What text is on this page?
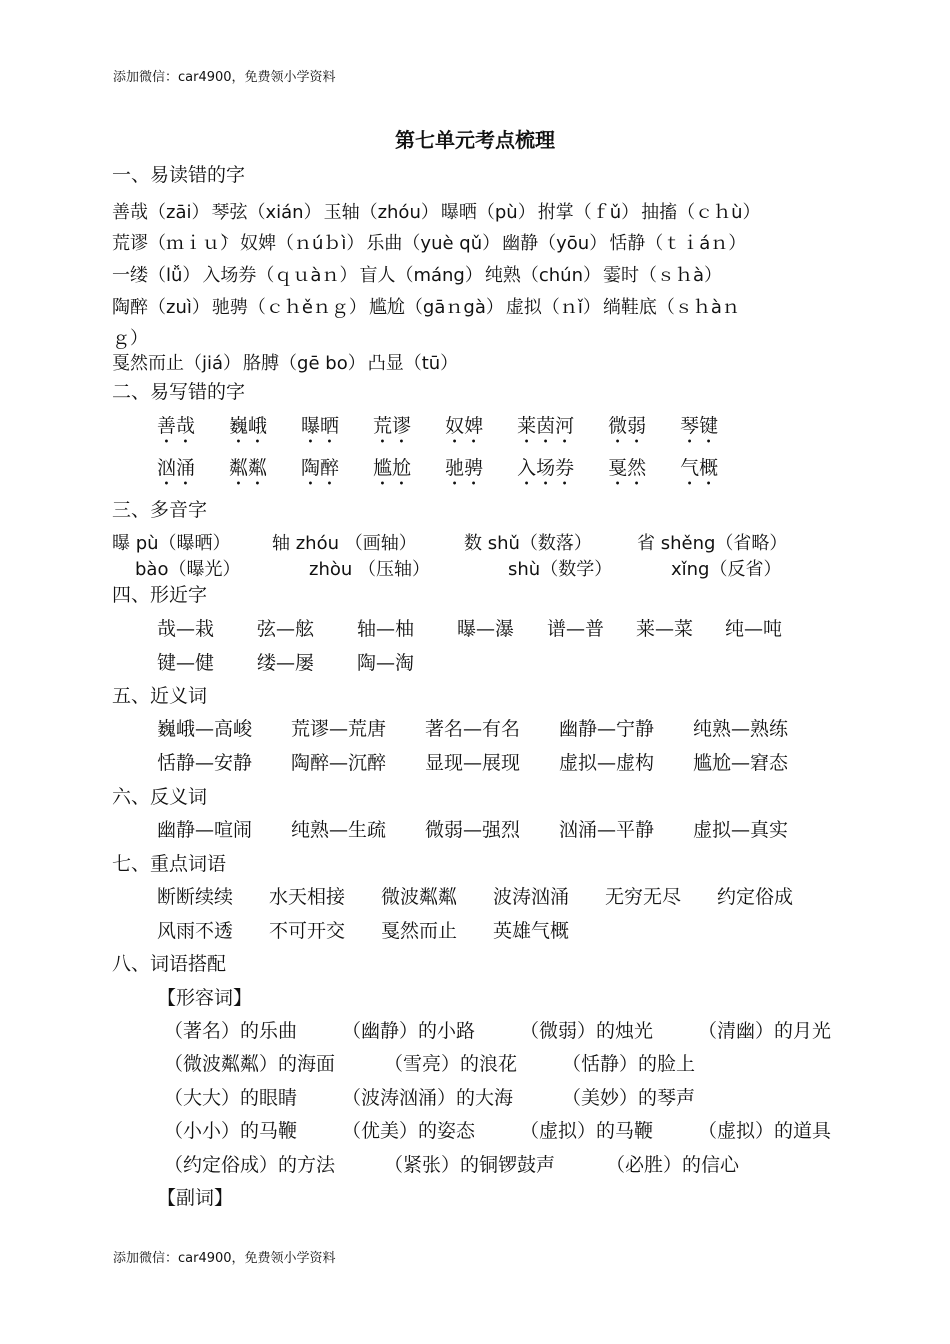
添加微信：car4900，免费领小学资料
第七单元考点梳理
一、易读错的字
善哉（zāi） 琴弦（xián） 玉轴（zhóu） 曝晒（pù） 拊掌（ｆǔ） 抽搐（ｃｈù）
荒谬（ｍｉｕ̀） 奴婢（ｎúｂì） 乐曲（yuè qǔ） 幽静（yōu） 恬静（ｔｉáｎ）
一缕（lǚ） 入场券（ｑｕàｎ） 盲人（máng） 纯熟（chún） 霎时（ｓｈà）
陶醉（zuì） 驰骋（ｃｈěｎｇ） 尴尬（gāｎgà） 虚拟（ｎǐ） 绱鞋底（ｓｈàｎ
ｇ）
戛然而止（jiá） 胳膊（gē bo） 凸显（tū）
二、易写错的字
善哉 巍峨 曝晒 荒谬 奴婢 莱茵河 微弱 琴键
汹涌 粼粼 陶醉 尴尬 驰骋 入场券 戛然 气概
三、多音字
曝 pù（曝晒） 轴 zhóu （画轴）	数 shǔ（数落）	省 shěng（省略）
bào（曝光）	zhòu （压轴）	shù（数学）	xǐng（反省）
四、形近字
哉—栽 弦—舷 轴—柚 曝—瀑 谱—普 莱—菜 纯—吨
键—健 缕—屡 陶—淘
五、近义词
巍峨—高峻 荒谬—荒唐 著名—有名 幽静—宁静 纯熟—熟练
恬静—安静 陶醉—沉醉 显现—展现 虚拟—虚构 尴尬—窘态
六、反义词
幽静—喧闹 纯熟—生疏 微弱—强烈 汹涌—平静 虚拟—真实
七、重点词语
断断续续 水天相接 微波粼粼 波涛汹涌 无穷无尽 约定俗成
风雨不透 不可开交 戛然而止 英雄气概
八、词语搭配
【形容词】
（著名）的乐曲 （幽静）的小路 （微弱）的烛光 （清幽）的月光
（微波粼粼）的海面	（雪亮）的浪花 （恬静）的脸上
（大大）的眼睛 （波涛汹涌）的大海	（美妙）的琴声
（小小）的马鞭 （优美）的姿态 （虚拟）的马鞭 （虚拟）的道具
（约定俗成）的方法	（紧张）的铜锣鼓声	（必胜）的信心
【副词】
添加微信：car4900，免费领小学资料
